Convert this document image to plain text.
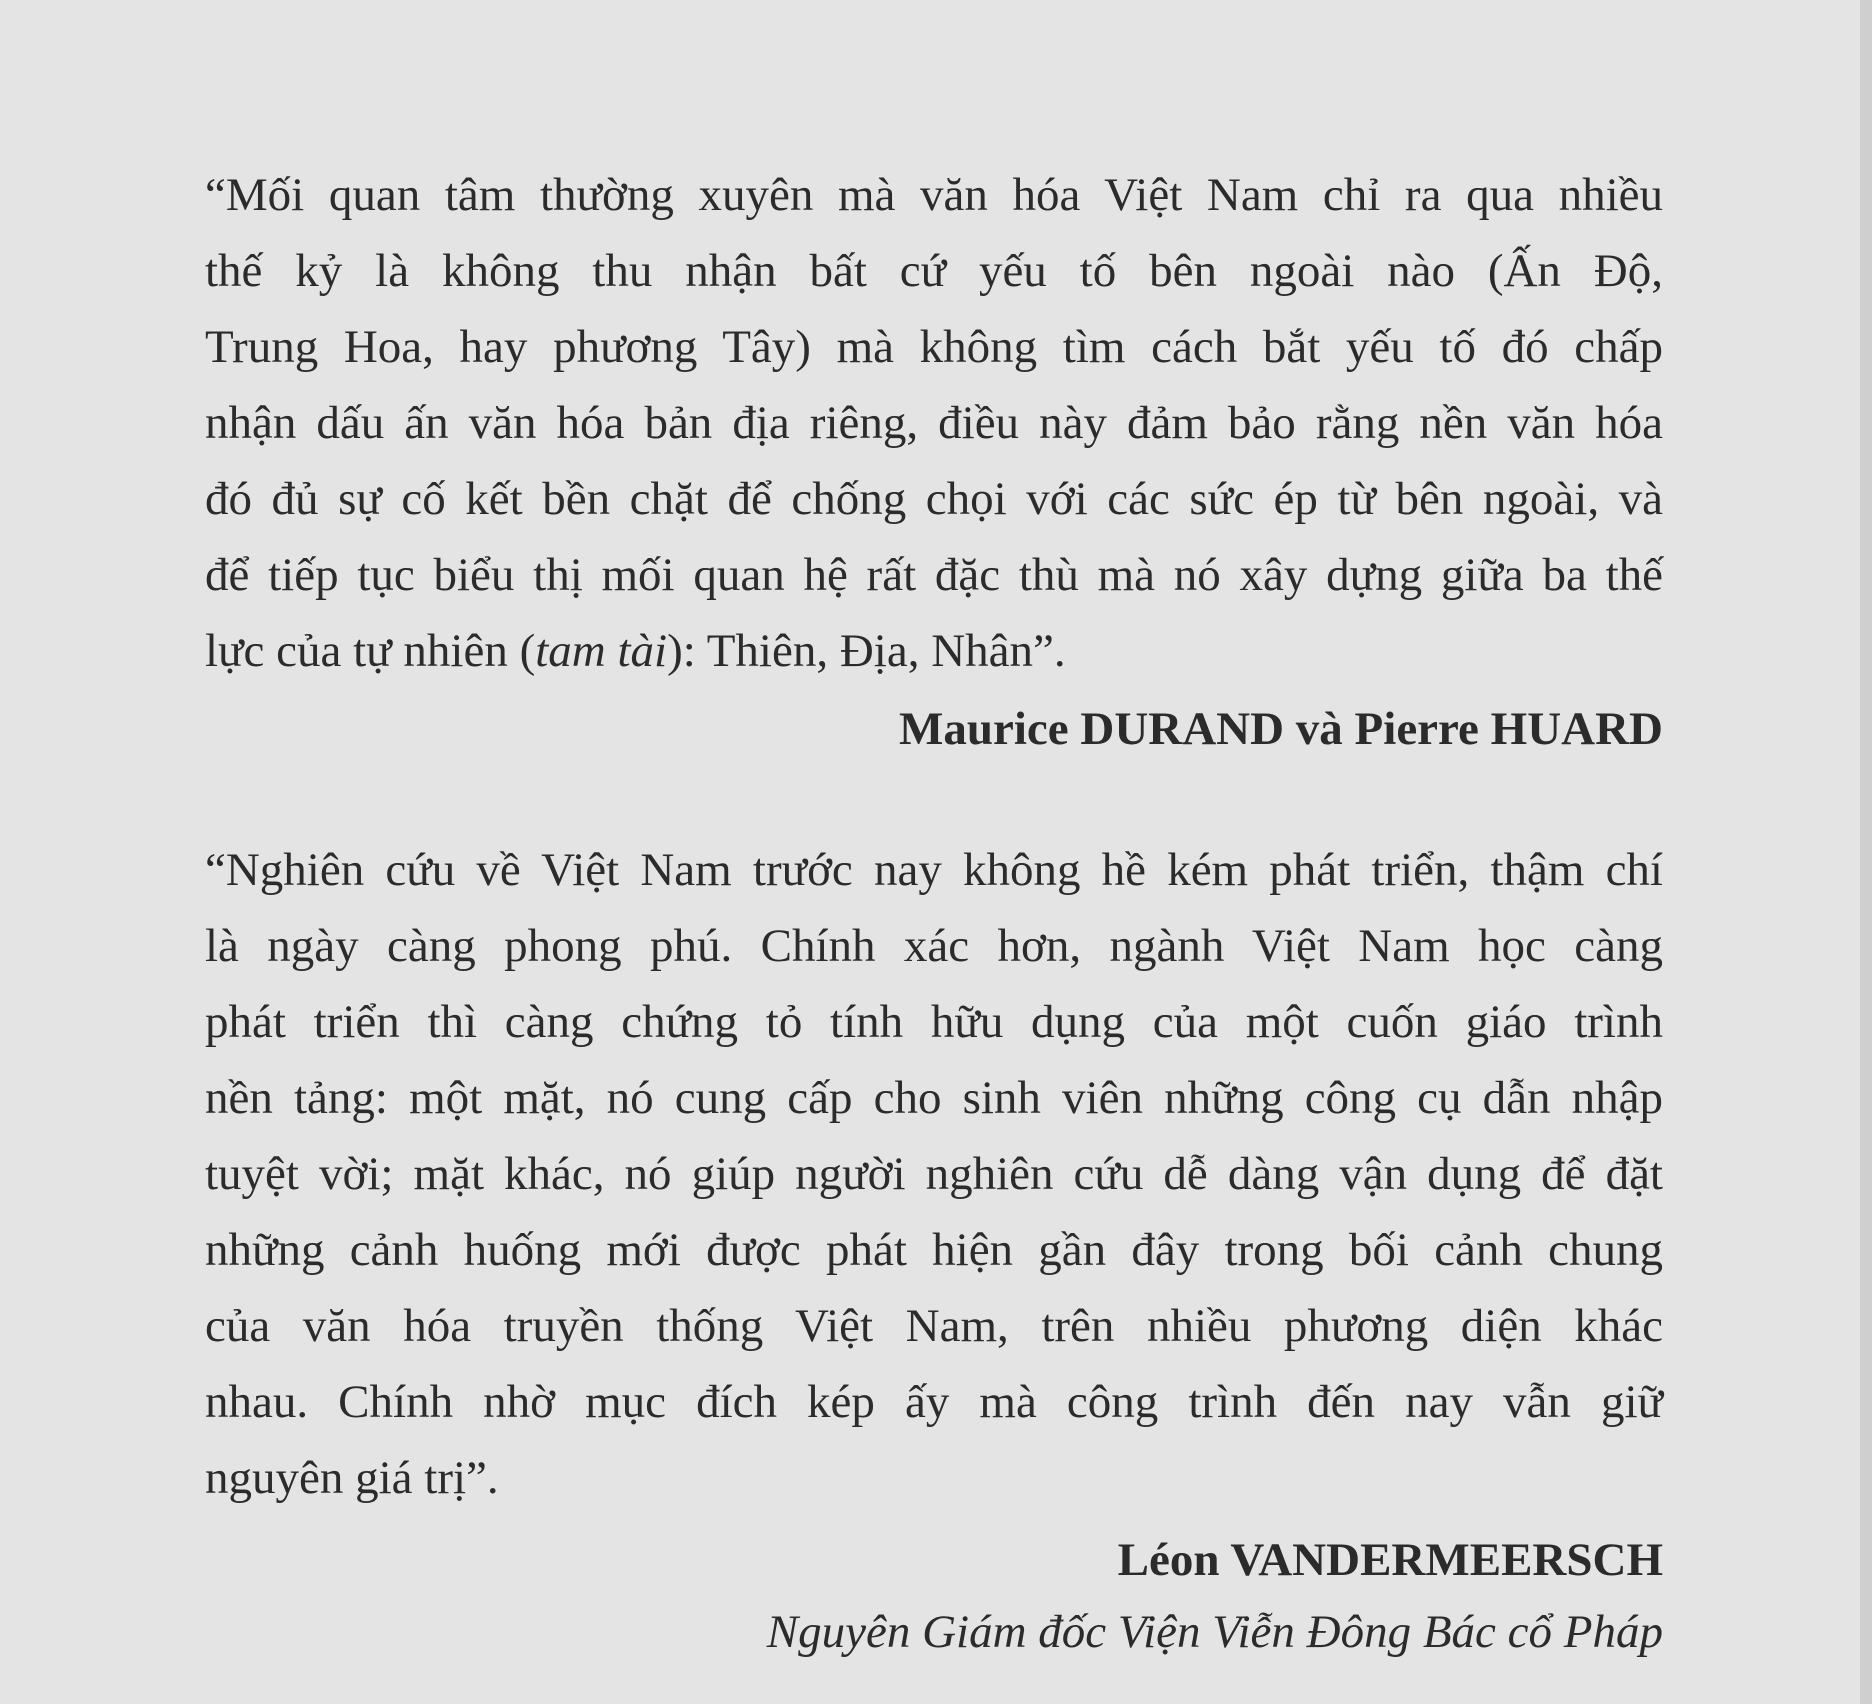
“Mối quan tâm thường xuyên mà văn hóa Việt Nam chỉ ra qua nhiều
thế kỷ là không thu nhận bất cứ yếu tố bên ngoài nào (Ấn Độ,
Trung Hoa, hay phương Tây) mà không tìm cách bắt yếu tố đó chấp
nhận dấu ấn văn hóa bản địa riêng, điều này đảm bảo rằng nền văn hóa
đó đủ sự cố kết bền chặt để chống chọi với các sức ép từ bên ngoài, và
để tiếp tục biểu thị mối quan hệ rất đặc thù mà nó xây dựng giữa ba thế
lực của tự nhiên (tam tài): Thiên, Địa, Nhân”.
Maurice DURAND và Pierre HUARD
“Nghiên cứu về Việt Nam trước nay không hề kém phát triển, thậm chí
là ngày càng phong phú. Chính xác hơn, ngành Việt Nam học càng
phát triển thì càng chứng tỏ tính hữu dụng của một cuốn giáo trình
nền tảng: một mặt, nó cung cấp cho sinh viên những công cụ dẫn nhập
tuyệt vời; mặt khác, nó giúp người nghiên cứu dễ dàng vận dụng để đặt
những cảnh huống mới được phát hiện gần đây trong bối cảnh chung
của văn hóa truyền thống Việt Nam, trên nhiều phương diện khác
nhau. Chính nhờ mục đích kép ấy mà công trình đến nay vẫn giữ
nguyên giá trị”.
Léon VANDERMEERSCH
Nguyên Giám đốc Viện Viễn Đông Bác cổ Pháp
